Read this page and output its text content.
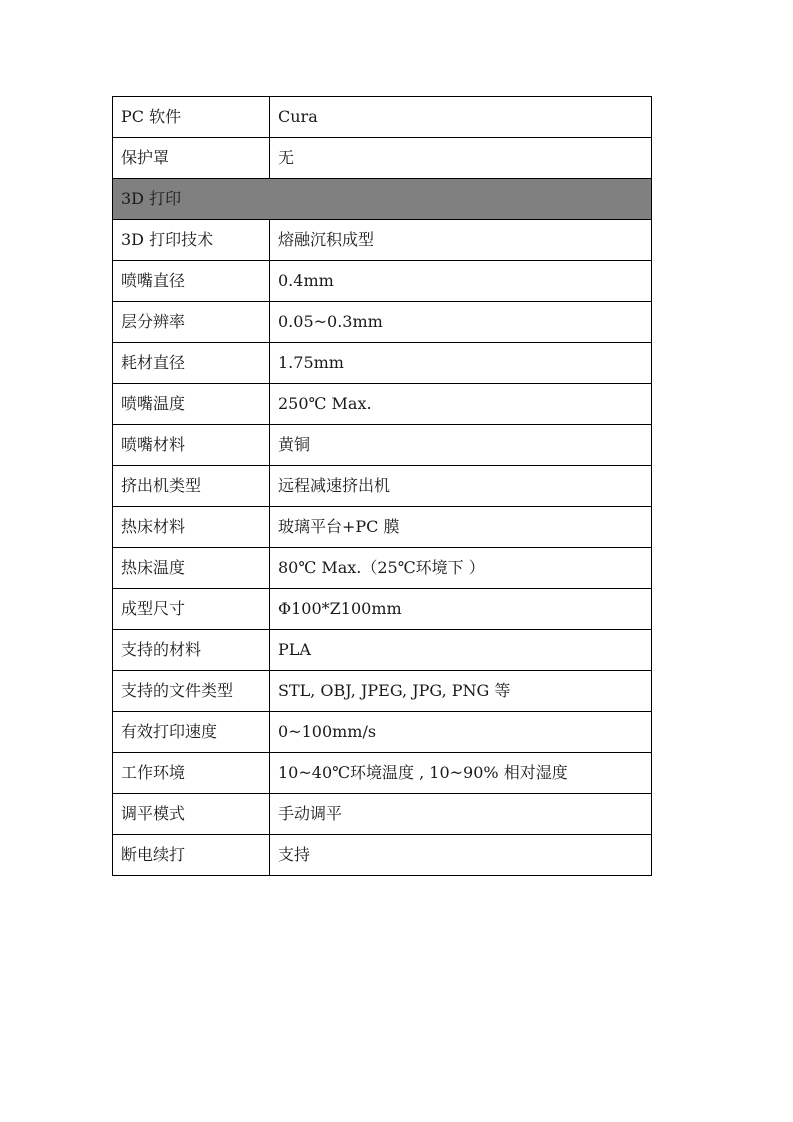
PC 软件	Cura
保护罩	无
3D 打印	
3D 打印技术	熔融沉积成型
喷嘴直径	0.4mm
层分辨率	0.05~0.3mm
耗材直径	1.75mm
喷嘴温度	250℃ Max.
喷嘴材料	黄铜
挤出机类型	远程减速挤出机
热床材料	玻璃平台+PC 膜
热床温度	80℃ Max.（25℃环境下 ）
成型尺寸	Φ100*Z100mm
支持的材料	PLA
支持的文件类型	STL, OBJ, JPEG, JPG, PNG 等
有效打印速度	0~100mm/s
工作环境	10~40℃环境温度 , 10~90% 相对湿度
调平模式	手动调平
断电续打	支持
